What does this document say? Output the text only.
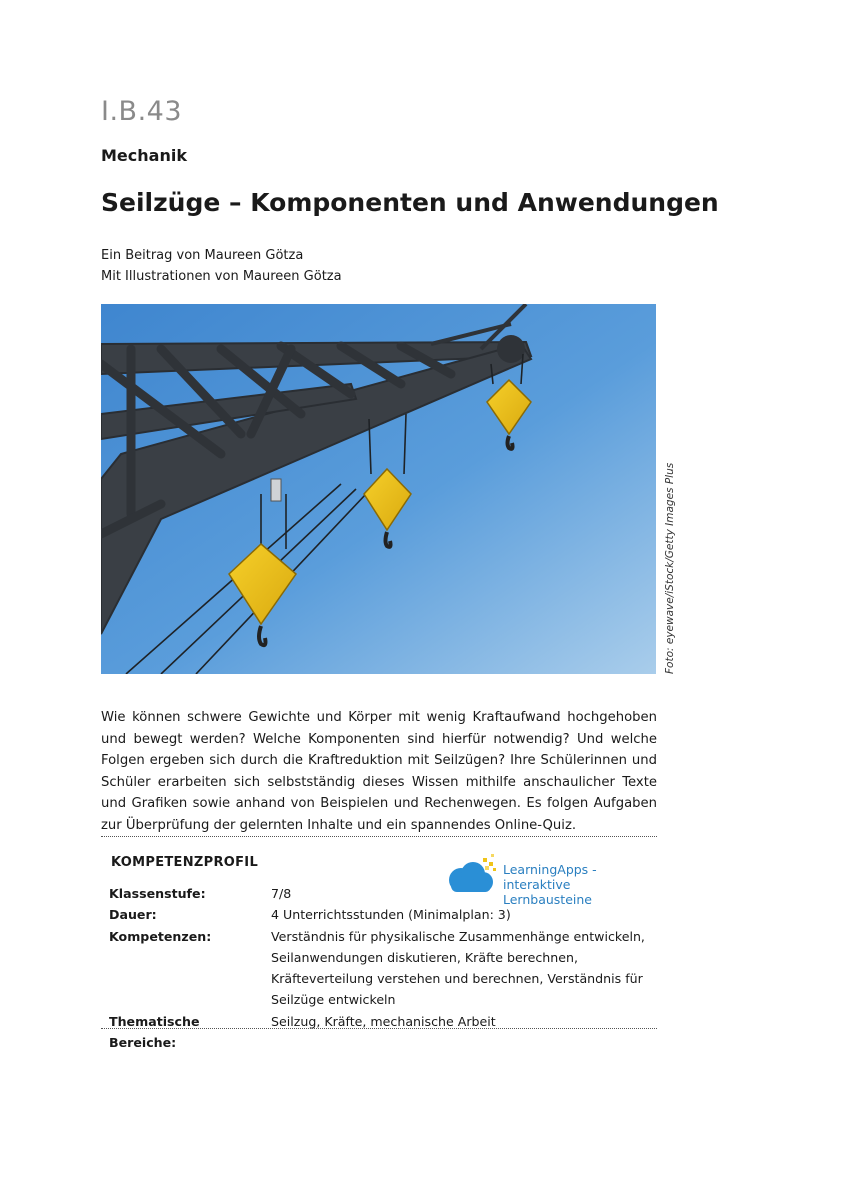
I.B.43
Mechanik
Seilzüge – Komponenten und Anwendungen
Ein Beitrag von Maureen Götza
Mit Illustrationen von Maureen Götza
Foto: eyewave/iStock/Getty Images Plus

Wie können schwere Gewichte und Körper mit wenig Kraftaufwand hochgehoben und bewegt werden? Welche Komponenten sind hierfür notwendig? Und welche Folgen ergeben sich durch die Kraftreduktion mit Seilzügen? Ihre Schülerinnen und Schüler erarbeiten sich selbstständig dieses Wissen mithilfe anschaulicher Texte und Grafiken sowie anhand von Beispielen und Rechenwegen. Es folgen Aufgaben zur Überprüfung der gelernten Inhalte und ein spannendes Online-Quiz.

KOMPETENZPROFIL	LearningApps -
interaktive Lernbausteine
Klassenstufe:	7/8
Dauer:	4 Unterrichtsstunden (Minimalplan: 3)
Kompetenzen:	Verständnis für physikalische Zusammenhänge entwickeln, Seilanwendungen diskutieren, Kräfte berechnen, Kräfteverteilung verstehen und berechnen, Verständnis für Seilzüge entwickeln
Thematische Bereiche:	Seilzug, Kräfte, mechanische Arbeit
